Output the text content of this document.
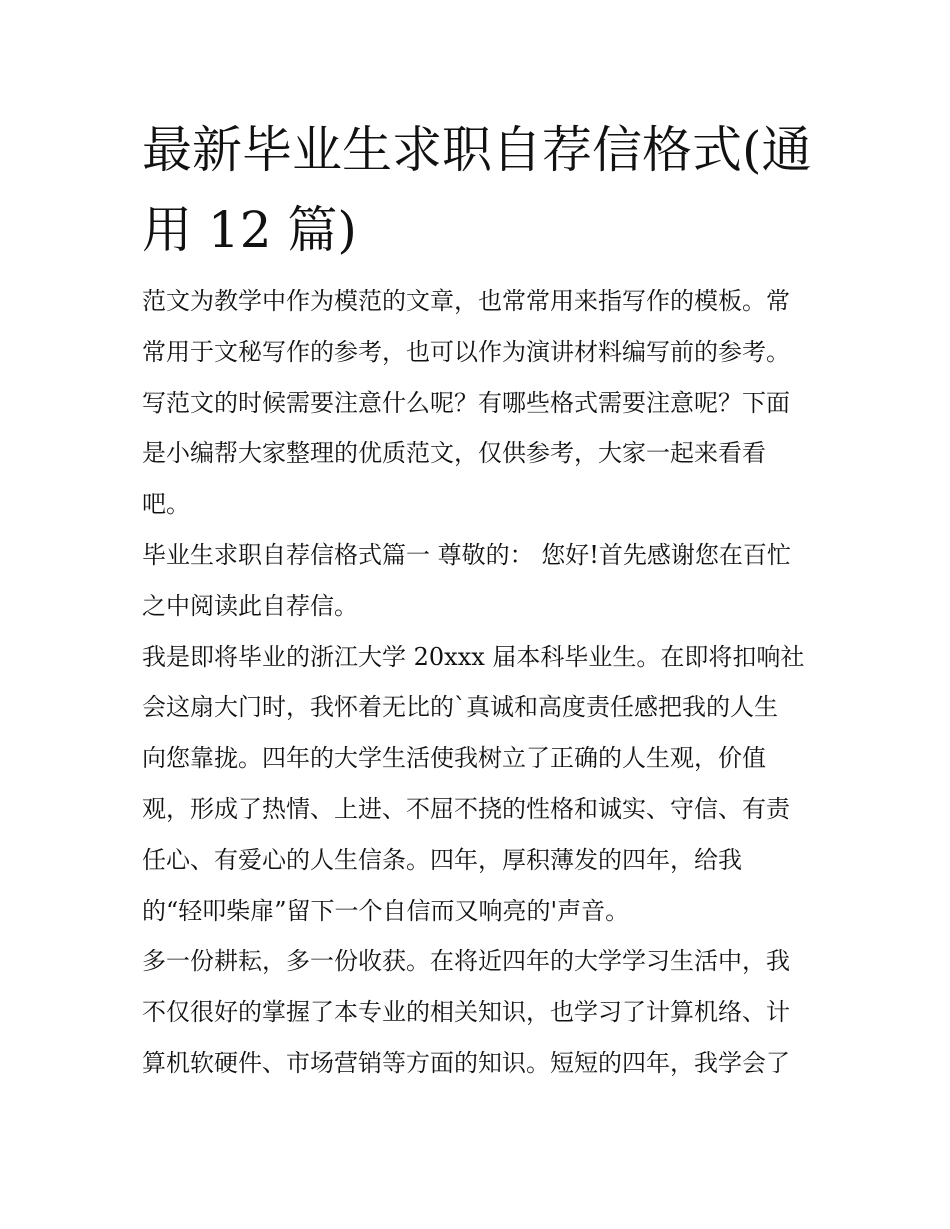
最新毕业生求职自荐信格式(通
用 12 篇)
范文为教学中作为模范的文章，也常常用来指写作的模板。常
常用于文秘写作的参考，也可以作为演讲材料编写前的参考。
写范文的时候需要注意什么呢？有哪些格式需要注意呢？下面
是小编帮大家整理的优质范文，仅供参考，大家一起来看看
吧。
毕业生求职自荐信格式篇一 尊敬的： 您好!首先感谢您在百忙
之中阅读此自荐信。
我是即将毕业的浙江大学 20xxx 届本科毕业生。在即将扣响社
会这扇大门时，我怀着无比的`真诚和高度责任感把我的人生
向您靠拢。四年的大学生活使我树立了正确的人生观，价值
观，形成了热情、上进、不屈不挠的性格和诚实、守信、有责
任心、有爱心的人生信条。四年，厚积薄发的四年，给我
的“轻叩柴扉”留下一个自信而又响亮的'声音。
多一份耕耘，多一份收获。在将近四年的大学学习生活中，我
不仅很好的掌握了本专业的相关知识，也学习了计算机络、计
算机软硬件、市场营销等方面的知识。短短的四年，我学会了
